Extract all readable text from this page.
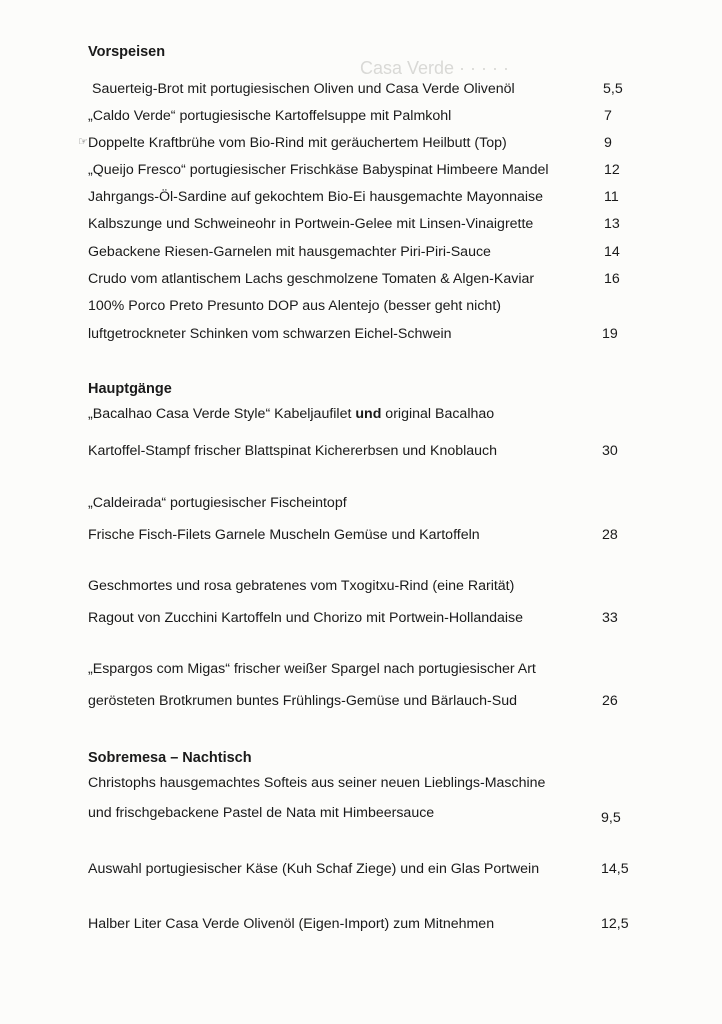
Casa Verde · · · · ·
Vorspeisen
Sauerteig-Brot mit portugiesischen Oliven und Casa Verde Olivenöl	5,5
„Caldo Verde“ portugiesische Kartoffelsuppe mit Palmkohl	7
☞ Doppelte Kraftbrühe vom Bio-Rind mit geräuchertem Heilbutt (Top)	9
„Queijo Fresco“ portugiesischer Frischkäse Babyspinat Himbeere Mandel	12
Jahrgangs-Öl-Sardine auf gekochtem Bio-Ei hausgemachte Mayonnaise	11
Kalbszunge und Schweineohr in Portwein-Gelee mit Linsen-Vinaigrette	13
Gebackene Riesen-Garnelen mit hausgemachter Piri-Piri-Sauce	14
Crudo vom atlantischem Lachs geschmolzene Tomaten & Algen-Kaviar	16
100% Porco Preto Presunto DOP aus Alentejo (besser geht nicht)
luftgetrockneter Schinken vom schwarzen Eichel-Schwein	19
Hauptgänge
„Bacalhao Casa Verde Style“ Kabeljaufilet und original Bacalhao
Kartoffel-Stampf frischer Blattspinat Kichererbsen und Knoblauch	30
„Caldeirada“ portugiesischer Fischeintopf
Frische Fisch-Filets Garnele Muscheln Gemüse und Kartoffeln	28
Geschmortes und rosa gebratenes vom Txogitxu-Rind (eine Rarität)
Ragout von Zucchini Kartoffeln und Chorizo mit Portwein-Hollandaise	33
„Espargos com Migas“ frischer weißer Spargel nach portugiesischer Art
gerösteten Brotkrumen buntes Frühlings-Gemüse und Bärlauch-Sud	26
Sobremesa – Nachtisch
Christophs hausgemachtes Softeis aus seiner neuen Lieblings-Maschine
und frischgebackene Pastel de Nata mit Himbeersauce	9,5
Auswahl portugiesischer Käse (Kuh Schaf Ziege) und ein Glas Portwein	14,5
Halber Liter Casa Verde Olivenöl (Eigen-Import) zum Mitnehmen	12,5
